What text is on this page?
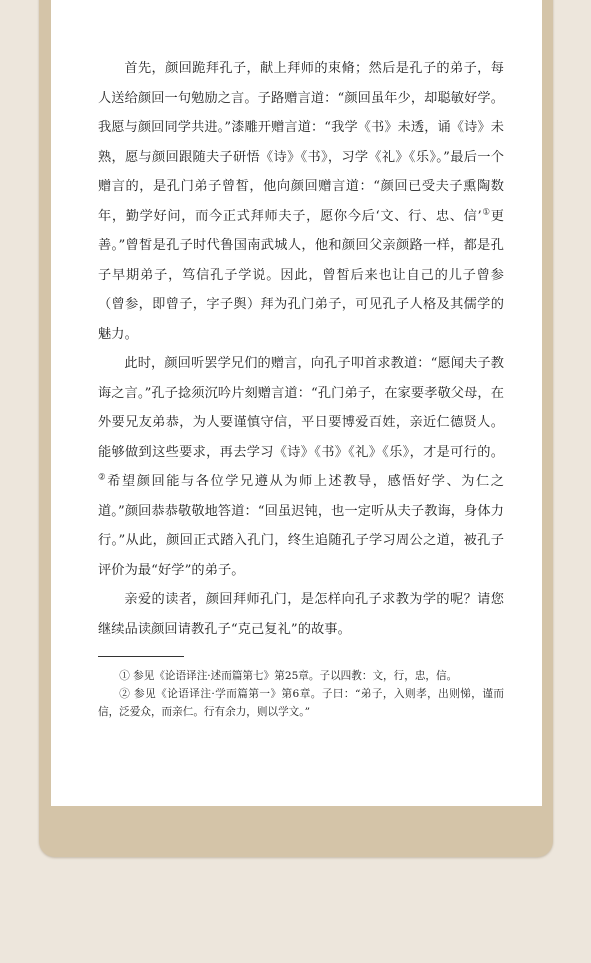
首先，颜回跪拜孔子，献上拜师的束脩；然后是孔子的弟子，每人送给颜回一句勉励之言。子路赠言道：“颜回虽年少，却聪敏好学。我愿与颜回同学共进。”漆雕开赠言道：“我学《书》未透，诵《诗》未熟，愿与颜回跟随夫子研悟《诗》《书》，习学《礼》《乐》。”最后一个赠言的，是孔门弟子曾皙，他向颜回赠言道：“颜回已受夫子熏陶数年，勤学好问，而今正式拜师夫子，愿你今后‘文、行、忠、信’①更善。”曾皙是孔子时代鲁国南武城人，他和颜回父亲颜路一样，都是孔子早期弟子，笃信孔子学说。因此，曾皙后来也让自己的儿子曾参（曾参，即曾子，字子舆）拜为孔门弟子，可见孔子人格及其儒学的魅力。

此时，颜回听罢学兄们的赠言，向孔子叩首求教道：“愿闻夫子教诲之言。”孔子捻须沉吟片刻赠言道：“孔门弟子，在家要孝敬父母，在外要兄友弟恭，为人要谨慎守信，平日要博爱百姓，亲近仁德贤人。能够做到这些要求，再去学习《诗》《书》《礼》《乐》，才是可行的。②希望颜回能与各位学兄遵从为师上述教导，感悟好学、为仁之道。”颜回恭恭敬敬地答道：“回虽迟钝，也一定听从夫子教诲，身体力行。”从此，颜回正式踏入孔门，终生追随孔子学习周公之道，被孔子评价为最“好学”的弟子。

亲爱的读者，颜回拜师孔门，是怎样向孔子求教为学的呢？请您继续品读颜回请教孔子“克己复礼”的故事。

① 参见《论语译注·述而篇第七》第25章。子以四教：文，行，忠，信。

② 参见《论语译注·学而篇第一》第6章。子曰：“弟子，入则孝，出则悌，谨而信，泛爱众，而亲仁。行有余力，则以学文。”
